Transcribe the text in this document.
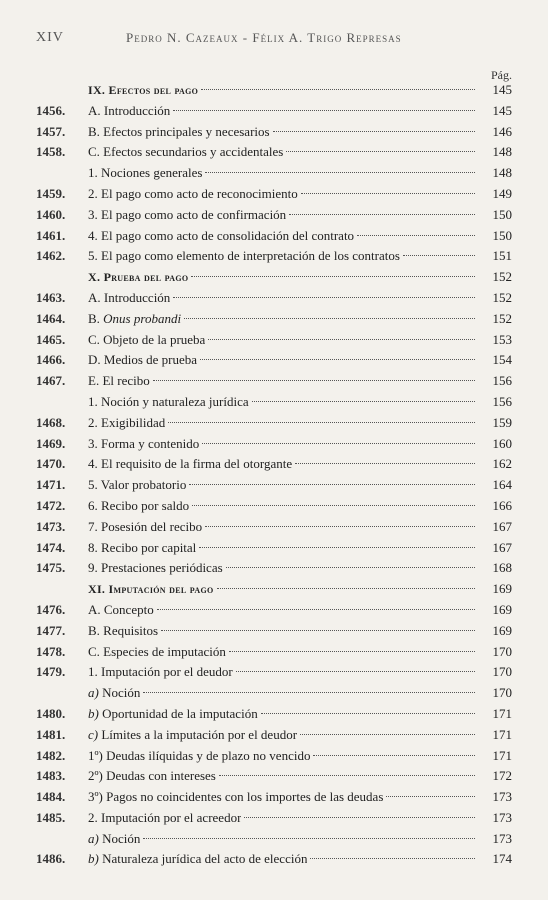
XIV	Pedro N. Cazeaux - Félix A. Trigo Represas
Pág.
IX. Efectos del pago	145
1456.	A. Introducción	145
1457.	B. Efectos principales y necesarios	146
1458.	C. Efectos secundarios y accidentales	148
1. Nociones generales	148
1459.	2. El pago como acto de reconocimiento	149
1460.	3. El pago como acto de confirmación	150
1461.	4. El pago como acto de consolidación del contrato	150
1462.	5. El pago como elemento de interpretación de los contratos	151
X. Prueba del pago	152
1463.	A. Introducción	152
1464.	B. Onus probandi	152
1465.	C. Objeto de la prueba	153
1466.	D. Medios de prueba	154
1467.	E. El recibo	156
1. Noción y naturaleza jurídica	156
1468.	2. Exigibilidad	159
1469.	3. Forma y contenido	160
1470.	4. El requisito de la firma del otorgante	162
1471.	5. Valor probatorio	164
1472.	6. Recibo por saldo	166
1473.	7. Posesión del recibo	167
1474.	8. Recibo por capital	167
1475.	9. Prestaciones periódicas	168
XI. Imputación del pago	169
1476.	A. Concepto	169
1477.	B. Requisitos	169
1478.	C. Especies de imputación	170
1479.	1. Imputación por el deudor	170
a) Noción	170
1480.	b) Oportunidad de la imputación	171
1481.	c) Límites a la imputación por el deudor	171
1482.	1º) Deudas ilíquidas y de plazo no vencido	171
1483.	2º) Deudas con intereses	172
1484.	3º) Pagos no coincidentes con los importes de las deudas	173
1485.	2. Imputación por el acreedor	173
a) Noción	173
1486.	b) Naturaleza jurídica del acto de elección	174
